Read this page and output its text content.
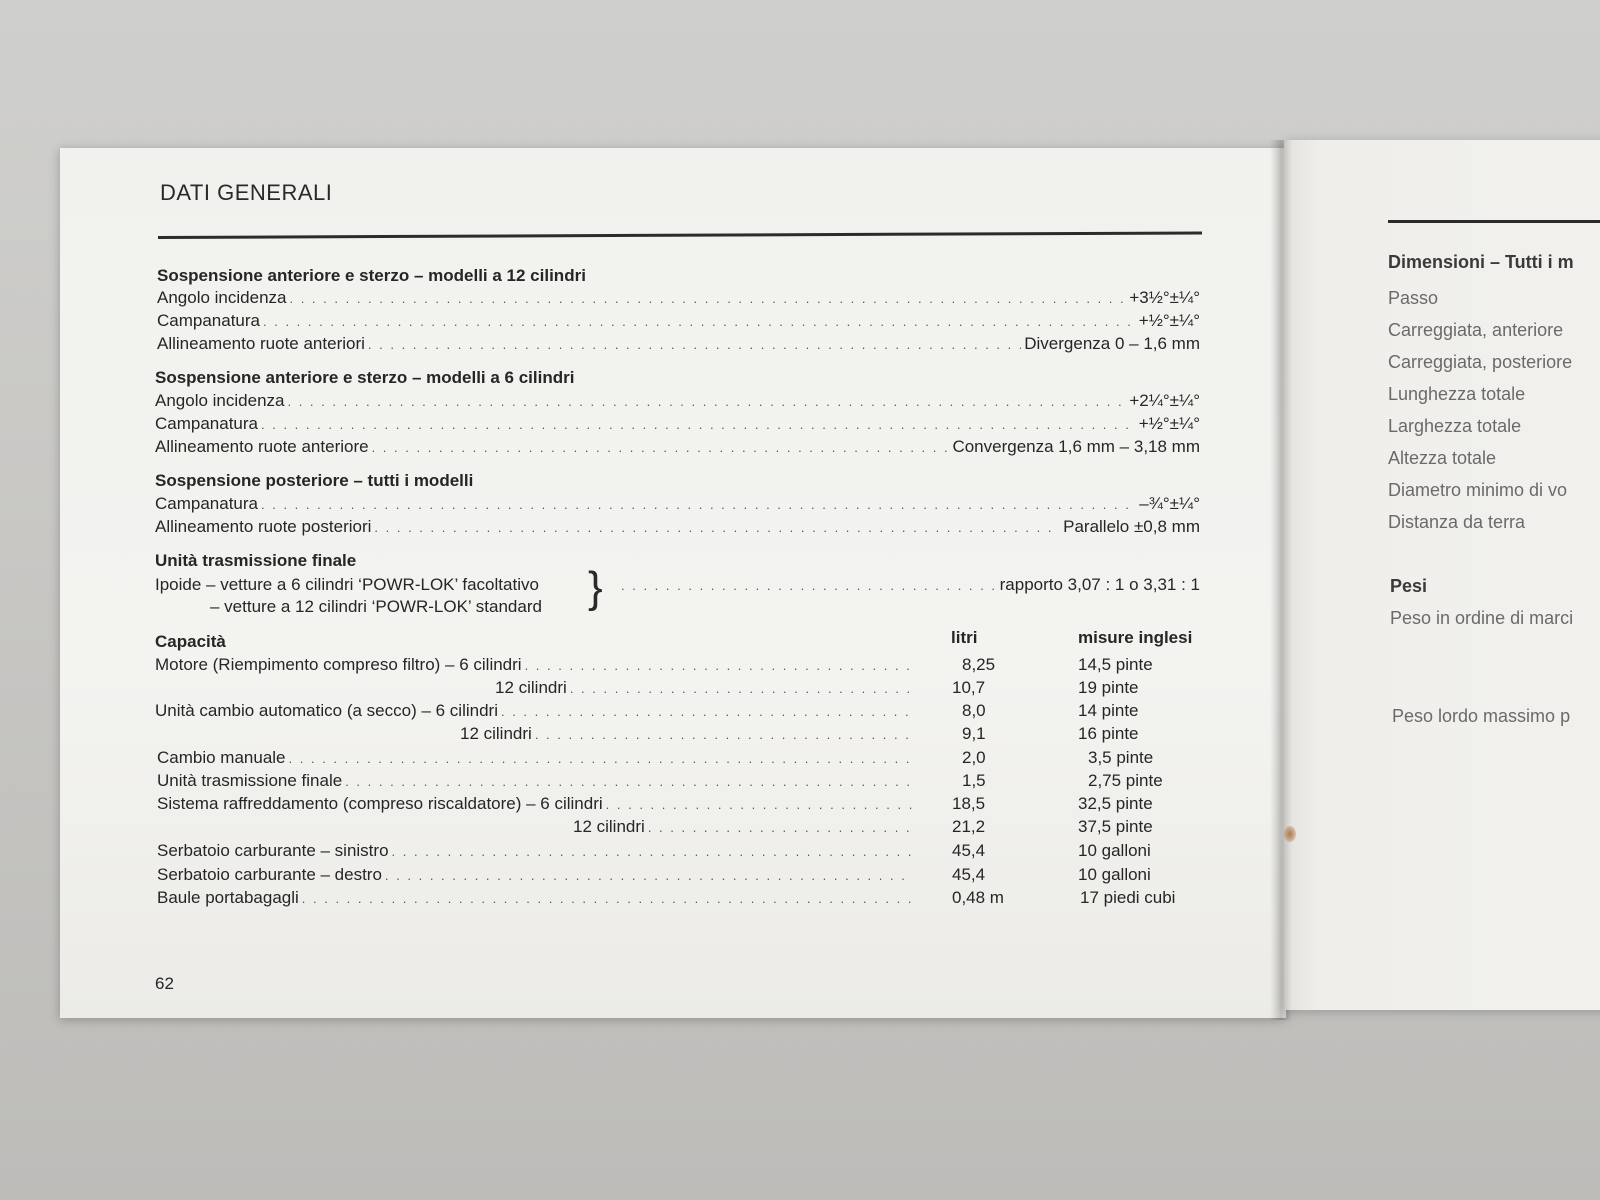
DATI GENERALI
Sospensione anteriore e sterzo – modelli a 12 cilindri
Angolo incidenza . . .	+3½°±¼°
Campanatura . . .	+½°±¼°
Allineamento ruote anteriori . . .	Divergenza 0 – 1,6 mm
Sospensione anteriore e sterzo – modelli a 6 cilindri
Angolo incidenza . . .	+2¼°±¼°
Campanatura . . .	+½°±¼°
Allineamento ruote anteriore . . .	Convergenza 1,6 mm – 3,18 mm
Sospensione posteriore – tutti i modelli
Campanatura . . .	–¾°±¼°
Allineamento ruote posteriori . . .	Parallelo ±0,8 mm
Unità trasmissione finale
Ipoide – vetture a 6 cilindri ‘POWR-LOK’ facoltativo
– vetture a 12 cilindri ‘POWR-LOK’ standard } . . .	rapporto 3,07 : 1 o 3,31 : 1
Capacità	litri	misure inglesi
Motore (Riempimento compreso filtro) – 6 cilindri . . .	8,25	14,5 pinte
12 cilindri . . .	10,7	19 pinte
Unità cambio automatico (a secco) – 6 cilindri . . .	8,0	14 pinte
12 cilindri . . .	9,1	16 pinte
Cambio manuale . . .	2,0	3,5 pinte
Unità trasmissione finale . . .	1,5	2,75 pinte
Sistema raffreddamento (compreso riscaldatore) – 6 cilindri . . .	18,5	32,5 pinte
12 cilindri . . .	21,2	37,5 pinte
Serbatoio carburante – sinistro . . .	45,4	10 galloni
Serbatoio carburante – destro . . .	45,4	10 galloni
Baule portabagagli . . .	0,48 m	17 piedi cubi
62
Dimensioni – Tutti i m
Passo
Carreggiata, anteriore
Carreggiata, posteriore
Lunghezza totale
Larghezza totale
Altezza totale
Diametro minimo di vo
Distanza da terra
Pesi
Peso in ordine di marci
Peso lordo massimo p
